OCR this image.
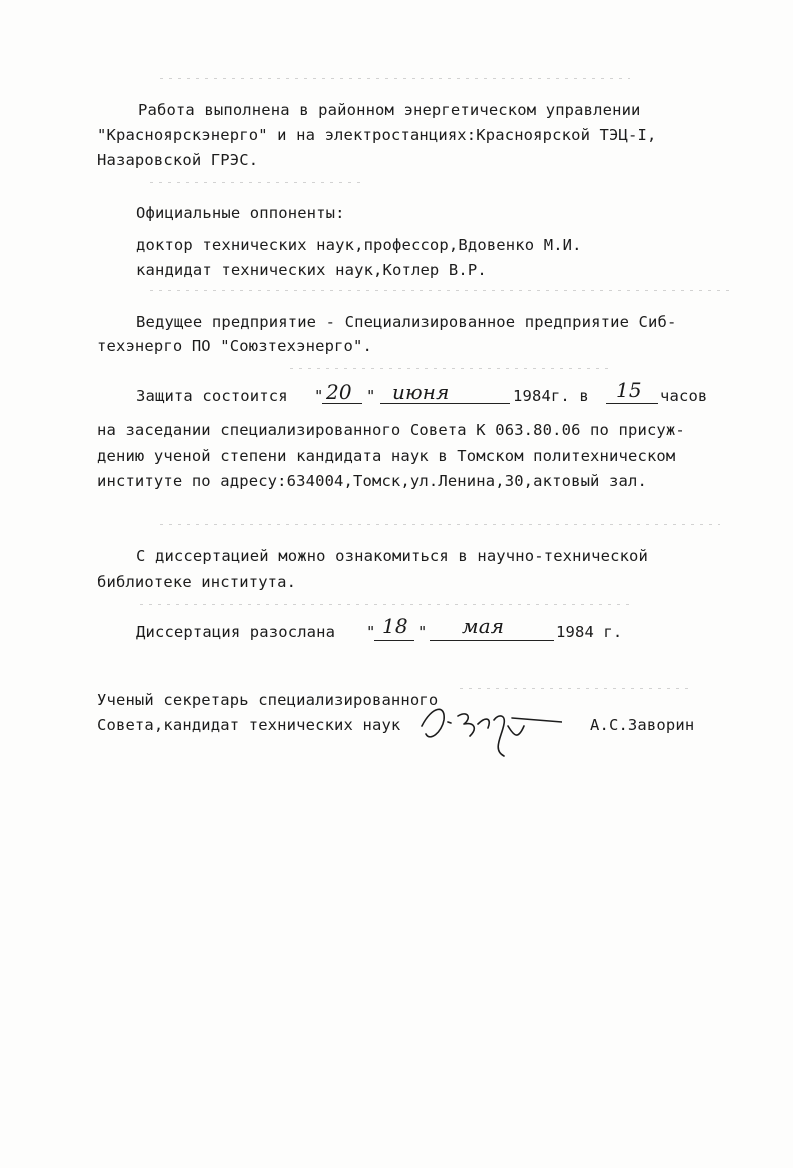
Работа выполнена в районном энергетическом управлении
"Красноярскэнерго" и на электростанциях:Красноярской ТЭЦ-I,
Назаровской ГРЭС.
Официальные оппоненты:
доктор технических наук,профессор,Вдовенко М.И.
кандидат технических наук,Котлер В.Р.
Ведущее предприятие - Специализированное предприятие Сиб-
техэнерго ПО "Союзтехэнерго".
Защита состоится " 20 " июня	1984г. в 15 часов
на заседании специализированного Совета К 063.80.06 по присуж-
дению ученой степени кандидата наук в Томском политехническом
институте по адресу:634004,Томск,ул.Ленина,30,актовый зал.
С диссертацией можно ознакомиться в научно-технической
библиотеке института.
Диссертация разослана " 18 " мая	1984 г.
Ученый секретарь специализированного
Совета,кандидат технических наук	А.С.Заворин
